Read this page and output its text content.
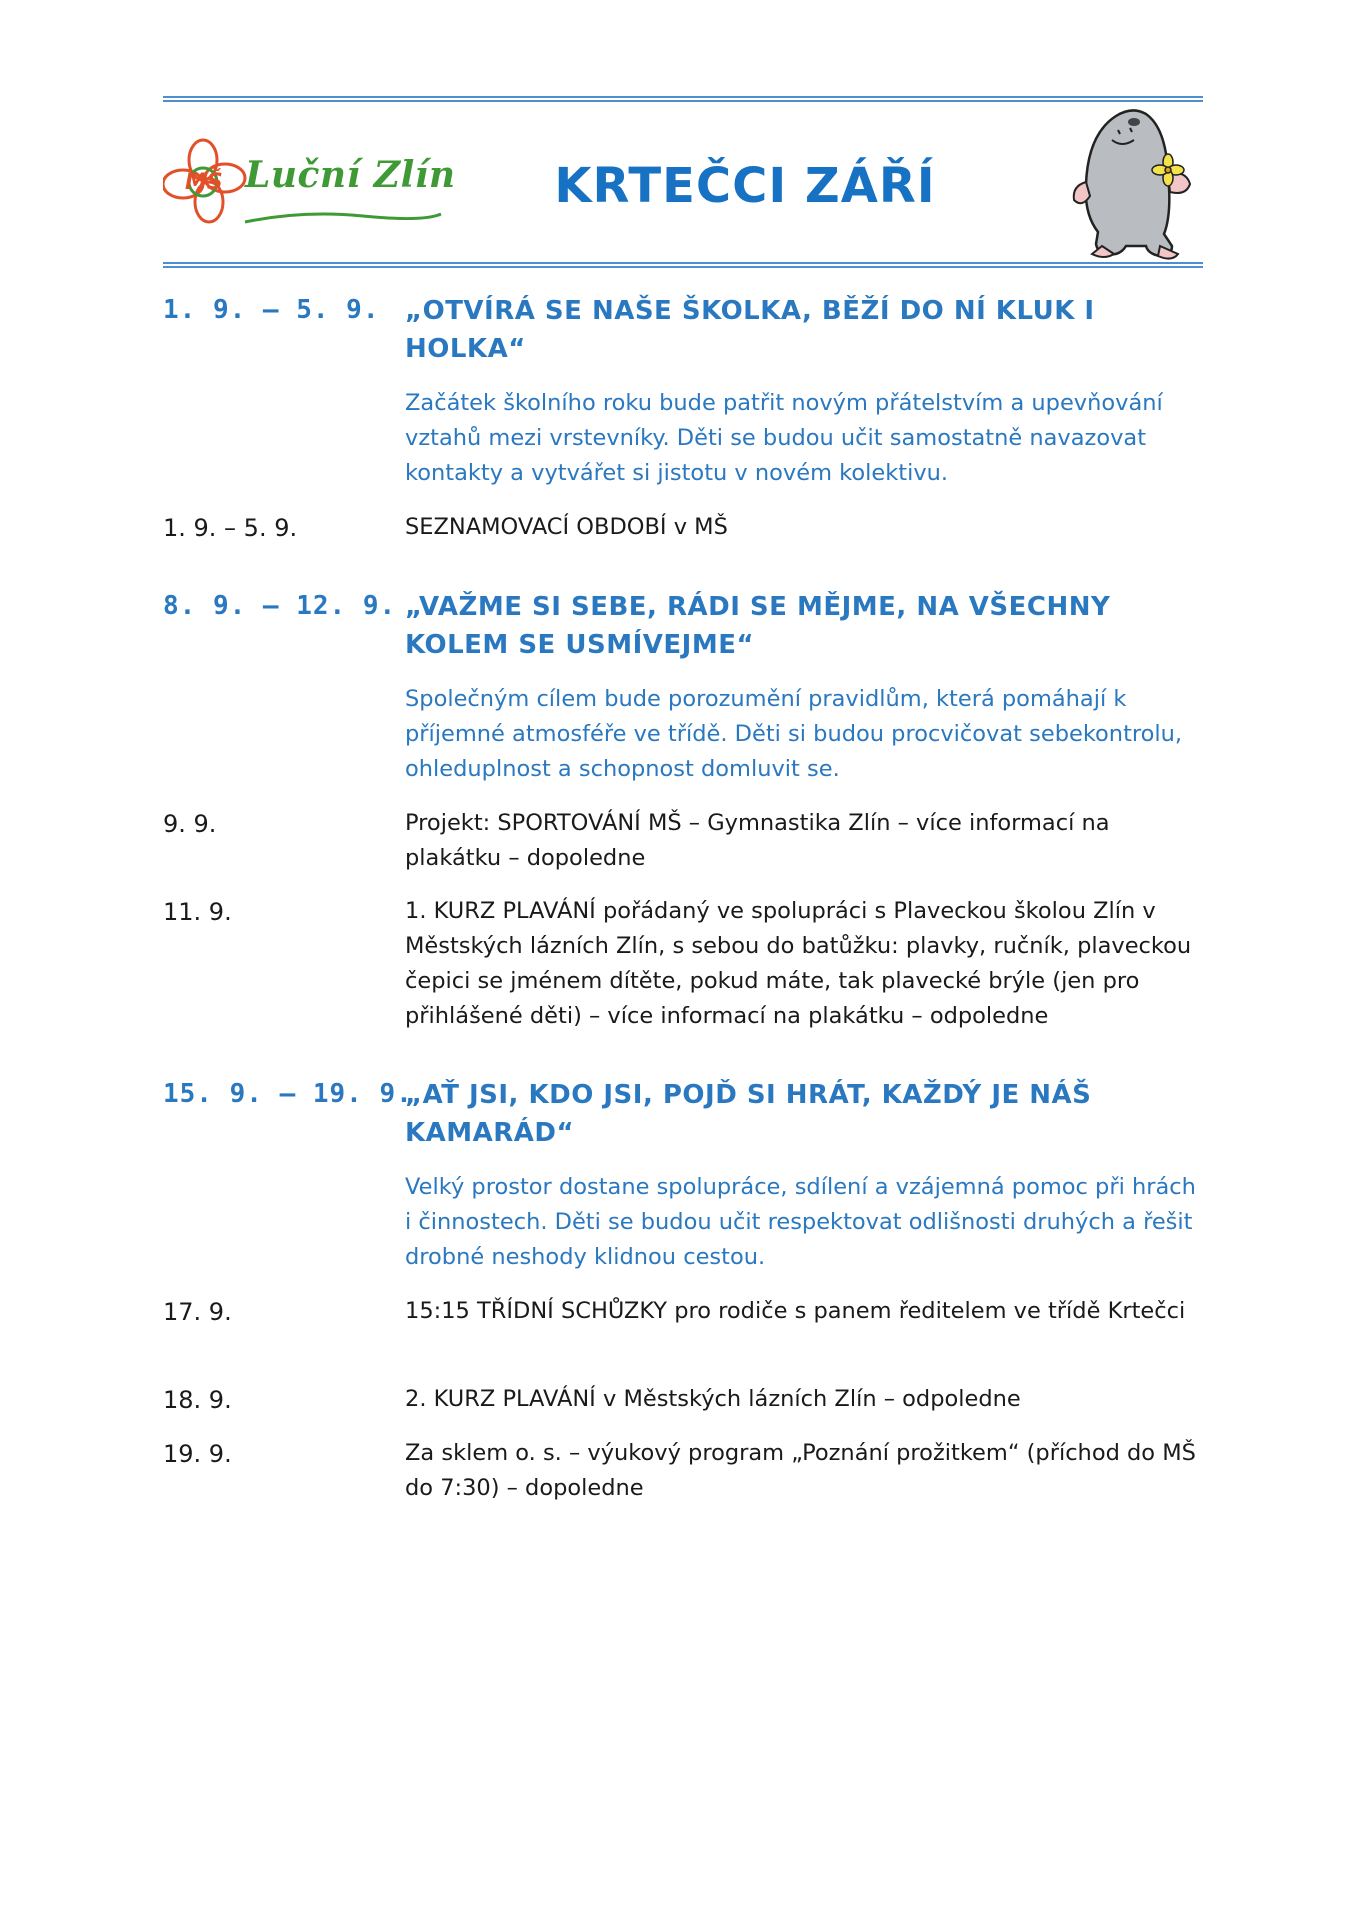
MŠ Luční Zlín	KRTEČCI ZÁŘÍ
1. 9. – 5. 9. „OTVÍRÁ SE NAŠE ŠKOLKA, BĚŽÍ DO NÍ KLUK I HOLKA“

Začátek školního roku bude patřit novým přátelstvím a upevňování vztahů mezi vrstevníky. Děti se budou učit samostatně navazovat kontakty a vytvářet si jistotu v novém kolektivu.

1. 9. – 5. 9.	SEZNAMOVACÍ OBDOBÍ v MŠ

8. 9. – 12. 9. „VAŽME SI SEBE, RÁDI SE MĚJME, NA VŠECHNY KOLEM SE USMÍVEJME“

Společným cílem bude porozumění pravidlům, která pomáhají k příjemné atmosféře ve třídě. Děti si budou procvičovat sebekontrolu, ohleduplnost a schopnost domluvit se.

9. 9.	Projekt: SPORTOVÁNÍ MŠ – Gymnastika Zlín – více informací na plakátku – dopoledne

11. 9.	1. KURZ PLAVÁNÍ pořádaný ve spolupráci s Plaveckou školou Zlín v Městských lázních Zlín, s sebou do batůžku: plavky, ručník, plaveckou čepici se jménem dítěte, pokud máte, tak plavecké brýle (jen pro přihlášené děti) – více informací na plakátku – odpoledne

15. 9. – 19. 9.

„AŤ JSI, KDO JSI, POJĎ SI HRÁT, KAŽDÝ JE NÁŠ KAMARÁD“

Velký prostor dostane spolupráce, sdílení a vzájemná pomoc při hrách i činnostech. Děti se budou učit respektovat odlišnosti druhých a řešit drobné neshody klidnou cestou.

17. 9.	15:15 TŘÍDNÍ SCHŮZKY pro rodiče s panem ředitelem ve třídě Krtečci

18. 9.	2. KURZ PLAVÁNÍ v Městských lázních Zlín – odpoledne

19. 9.	Za sklem o. s. – výukový program „Poznání prožitkem“ (příchod do MŠ do 7:30) – dopoledne
